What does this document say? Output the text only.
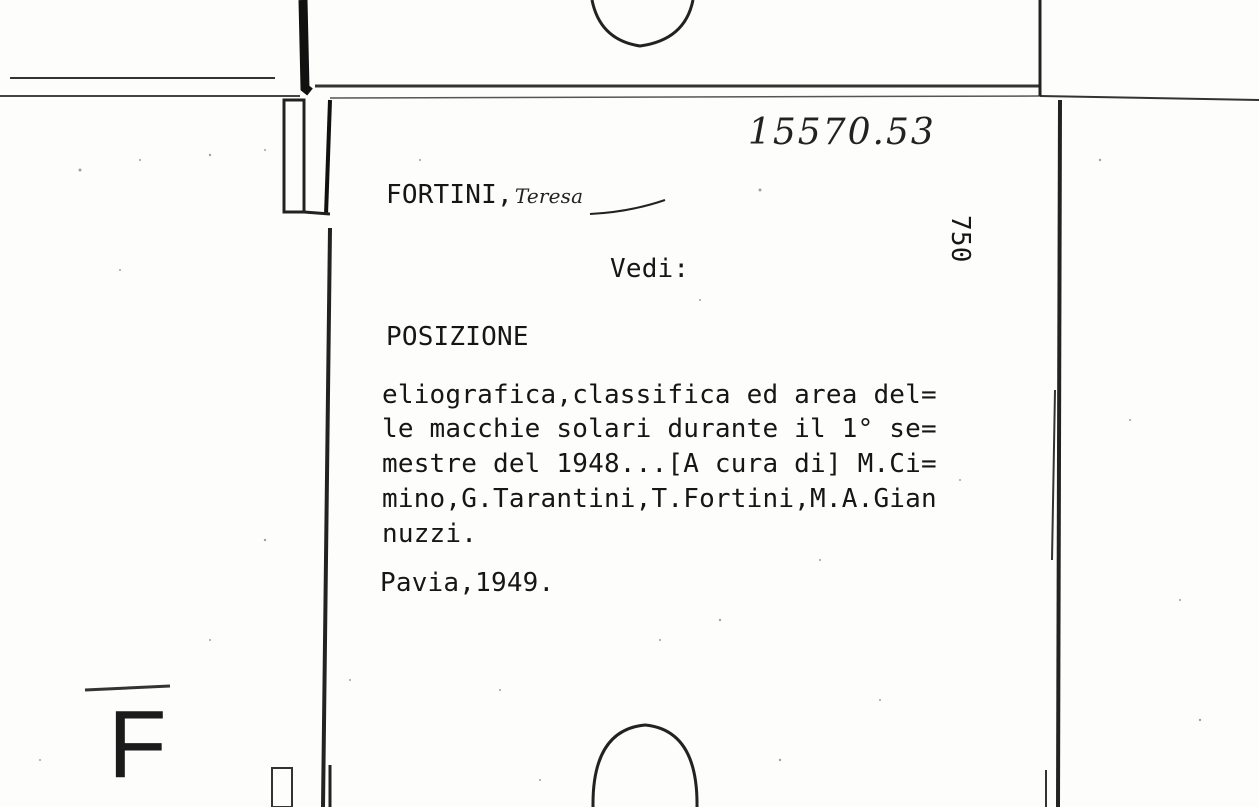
15570.53
FORTINI, Teresa
750
Vedi:
POSIZIONE
eliografica,classifica ed area del=
le macchie solari durante il 1° se=
mestre del 1948...[A cura di] M.Ci=
mino,G.Tarantini,T.Fortini,M.A.Gian
nuzzi.
Pavia,1949.
F
